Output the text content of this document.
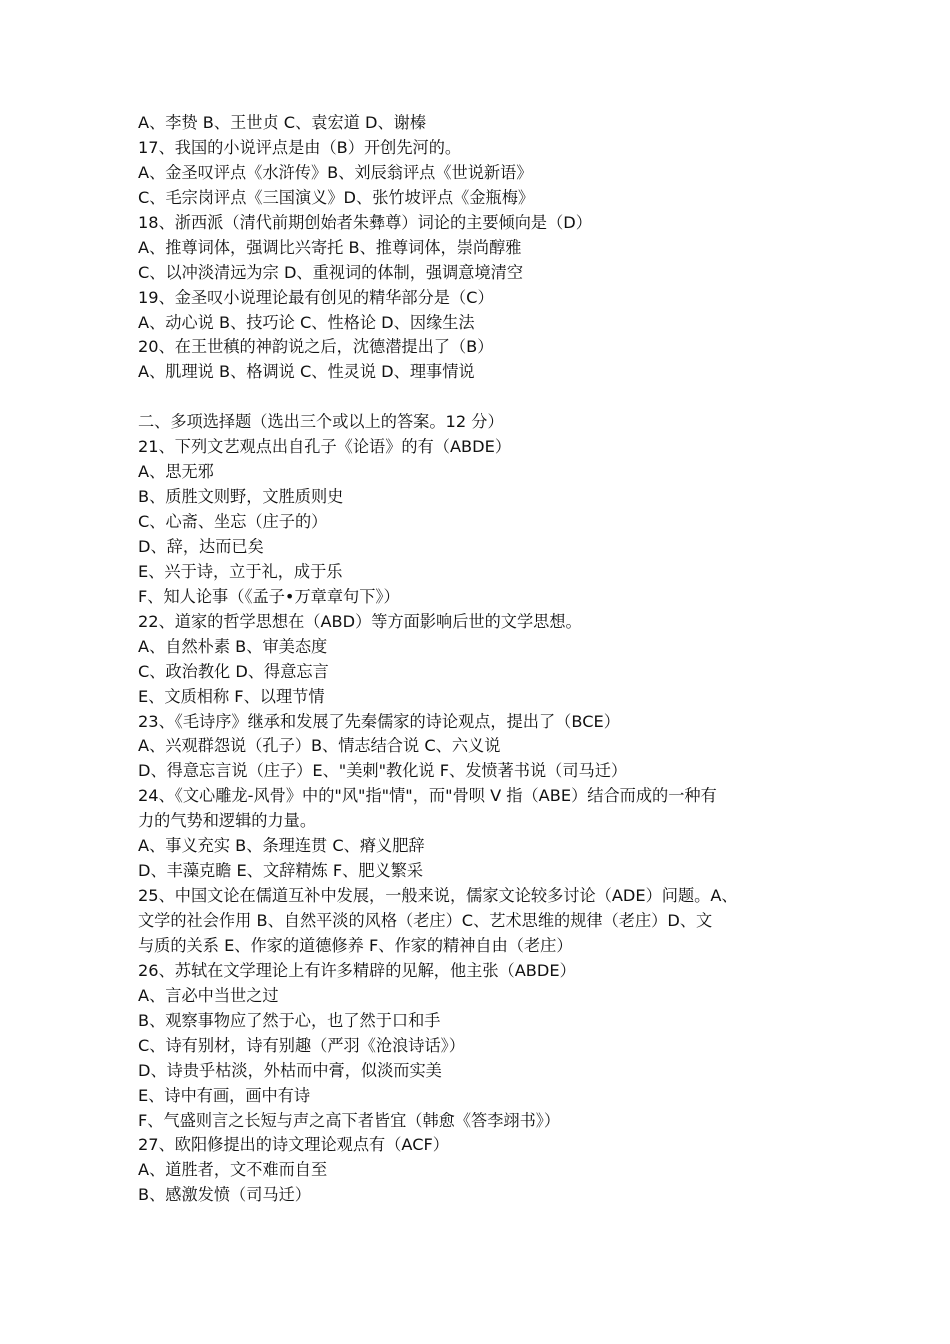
A、李贽 B、王世贞 C、袁宏道 D、谢榛
17、我国的小说评点是由（B）开创先河的。
A、金圣叹评点《水浒传》B、刘辰翁评点《世说新语》
C、毛宗岗评点《三国演义》D、张竹坡评点《金瓶梅》
18、浙西派（清代前期创始者朱彝尊）词论的主要倾向是（D）
A、推尊词体，强调比兴寄托 B、推尊词体，崇尚醇雅
C、以冲淡清远为宗 D、重视词的体制，强调意境清空
19、金圣叹小说理论最有创见的精华部分是（C）
A、动心说 B、技巧论 C、性格论 D、因缘生法
20、在王世稹的神韵说之后，沈德潜提出了（B）
A、肌理说 B、格调说 C、性灵说 D、理事情说
二、多项选择题（选出三个或以上的答案。12 分）
21、下列文艺观点出自孔子《论语》的有（ABDE）
A、思无邪
B、质胜文则野，文胜质则史
C、心斋、坐忘（庄子的）
D、辞，达而已矣
E、兴于诗，立于礼，成于乐
F、知人论事（《孟子•万章章句下》）
22、道家的哲学思想在（ABD）等方面影响后世的文学思想。
A、自然朴素 B、审美态度
C、政治教化 D、得意忘言
E、文质相称 F、以理节情
23、《毛诗序》继承和发展了先秦儒家的诗论观点，提出了（BCE）
A、兴观群怨说（孔子）B、情志结合说 C、六义说
D、得意忘言说（庄子）E、"美刺"教化说 F、发愤著书说（司马迁）
24、《文心雕龙-风骨》中的"风"指"情"，而"骨呗 V 指（ABE）结合而成的一种有
力的气势和逻辑的力量。
A、事义充实 B、条理连贯 C、瘠义肥辞
D、丰藻克瞻 E、文辞精炼 F、肥义繁采
25、中国文论在儒道互补中发展，一般来说，儒家文论较多讨论（ADE）问题。A、
文学的社会作用 B、自然平淡的风格（老庄）C、艺术思维的规律（老庄）D、文
与质的关系 E、作家的道德修养 F、作家的精神自由（老庄）
26、苏轼在文学理论上有许多精辟的见解，他主张（ABDE）
A、言必中当世之过
B、观察事物应了然于心，也了然于口和手
C、诗有别材，诗有别趣（严羽《沧浪诗话》）
D、诗贵乎枯淡，外枯而中膏，似淡而实美
E、诗中有画，画中有诗
F、气盛则言之长短与声之高下者皆宜（韩愈《答李翊书》）
27、欧阳修提出的诗文理论观点有（ACF）
A、道胜者，文不难而自至
B、感激发愤（司马迁）
